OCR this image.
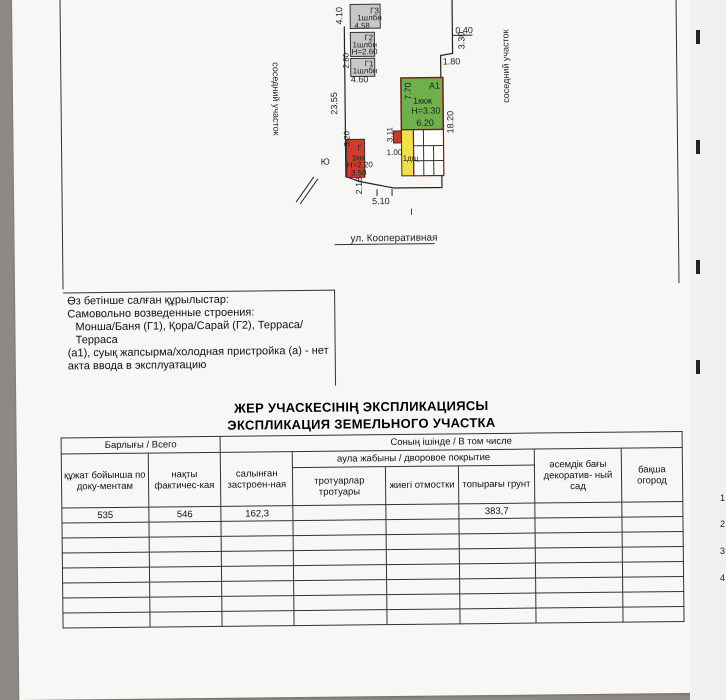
соседний участок	соседний участок
4.10
23.55
0.40
3.30
1.80
7.70
6.20 18.20
3.11
1.00
2.18
5.10
4.58
4.60
3.50
2.80
3.20
Г3
1шлбн
Г2
1шлбн
Н=2.60
Г1
1шлбн
А1
1ккж
Н=3.30
Г
1кн
Н=2.20
1дщ
Ю
I
ул. Кооперативная

Өз бетінше салған құрылыстар:

Самовольно возведенные строения:

Монша/Баня (Г1), Қора/Сарай (Г2), Терраса/Терраса

(а1), суық жапсырма/холодная пристройка (а) - нет

акта ввода в эксплуатацию

ЖЕР УЧАСКЕСІНІҢ ЭКСПЛИКАЦИЯСЫ
ЭКСПЛИКАЦИЯ ЗЕМЕЛЬНОГО УЧАСТКА
Барлығы / Всего		Соның ішінде / В том числе					
құжат бойынша по доку-ментам	нақты фактичес-кая	салынған застроен-ная	аула жабыны / дворовое покрытие			әсемдік бағы декоратив- ный сад	бақша огород
			тротуарлар тротуары	жиегі отмостки	топырағы грунт		
535	546	162,3			383,7		

1
2
3
4
